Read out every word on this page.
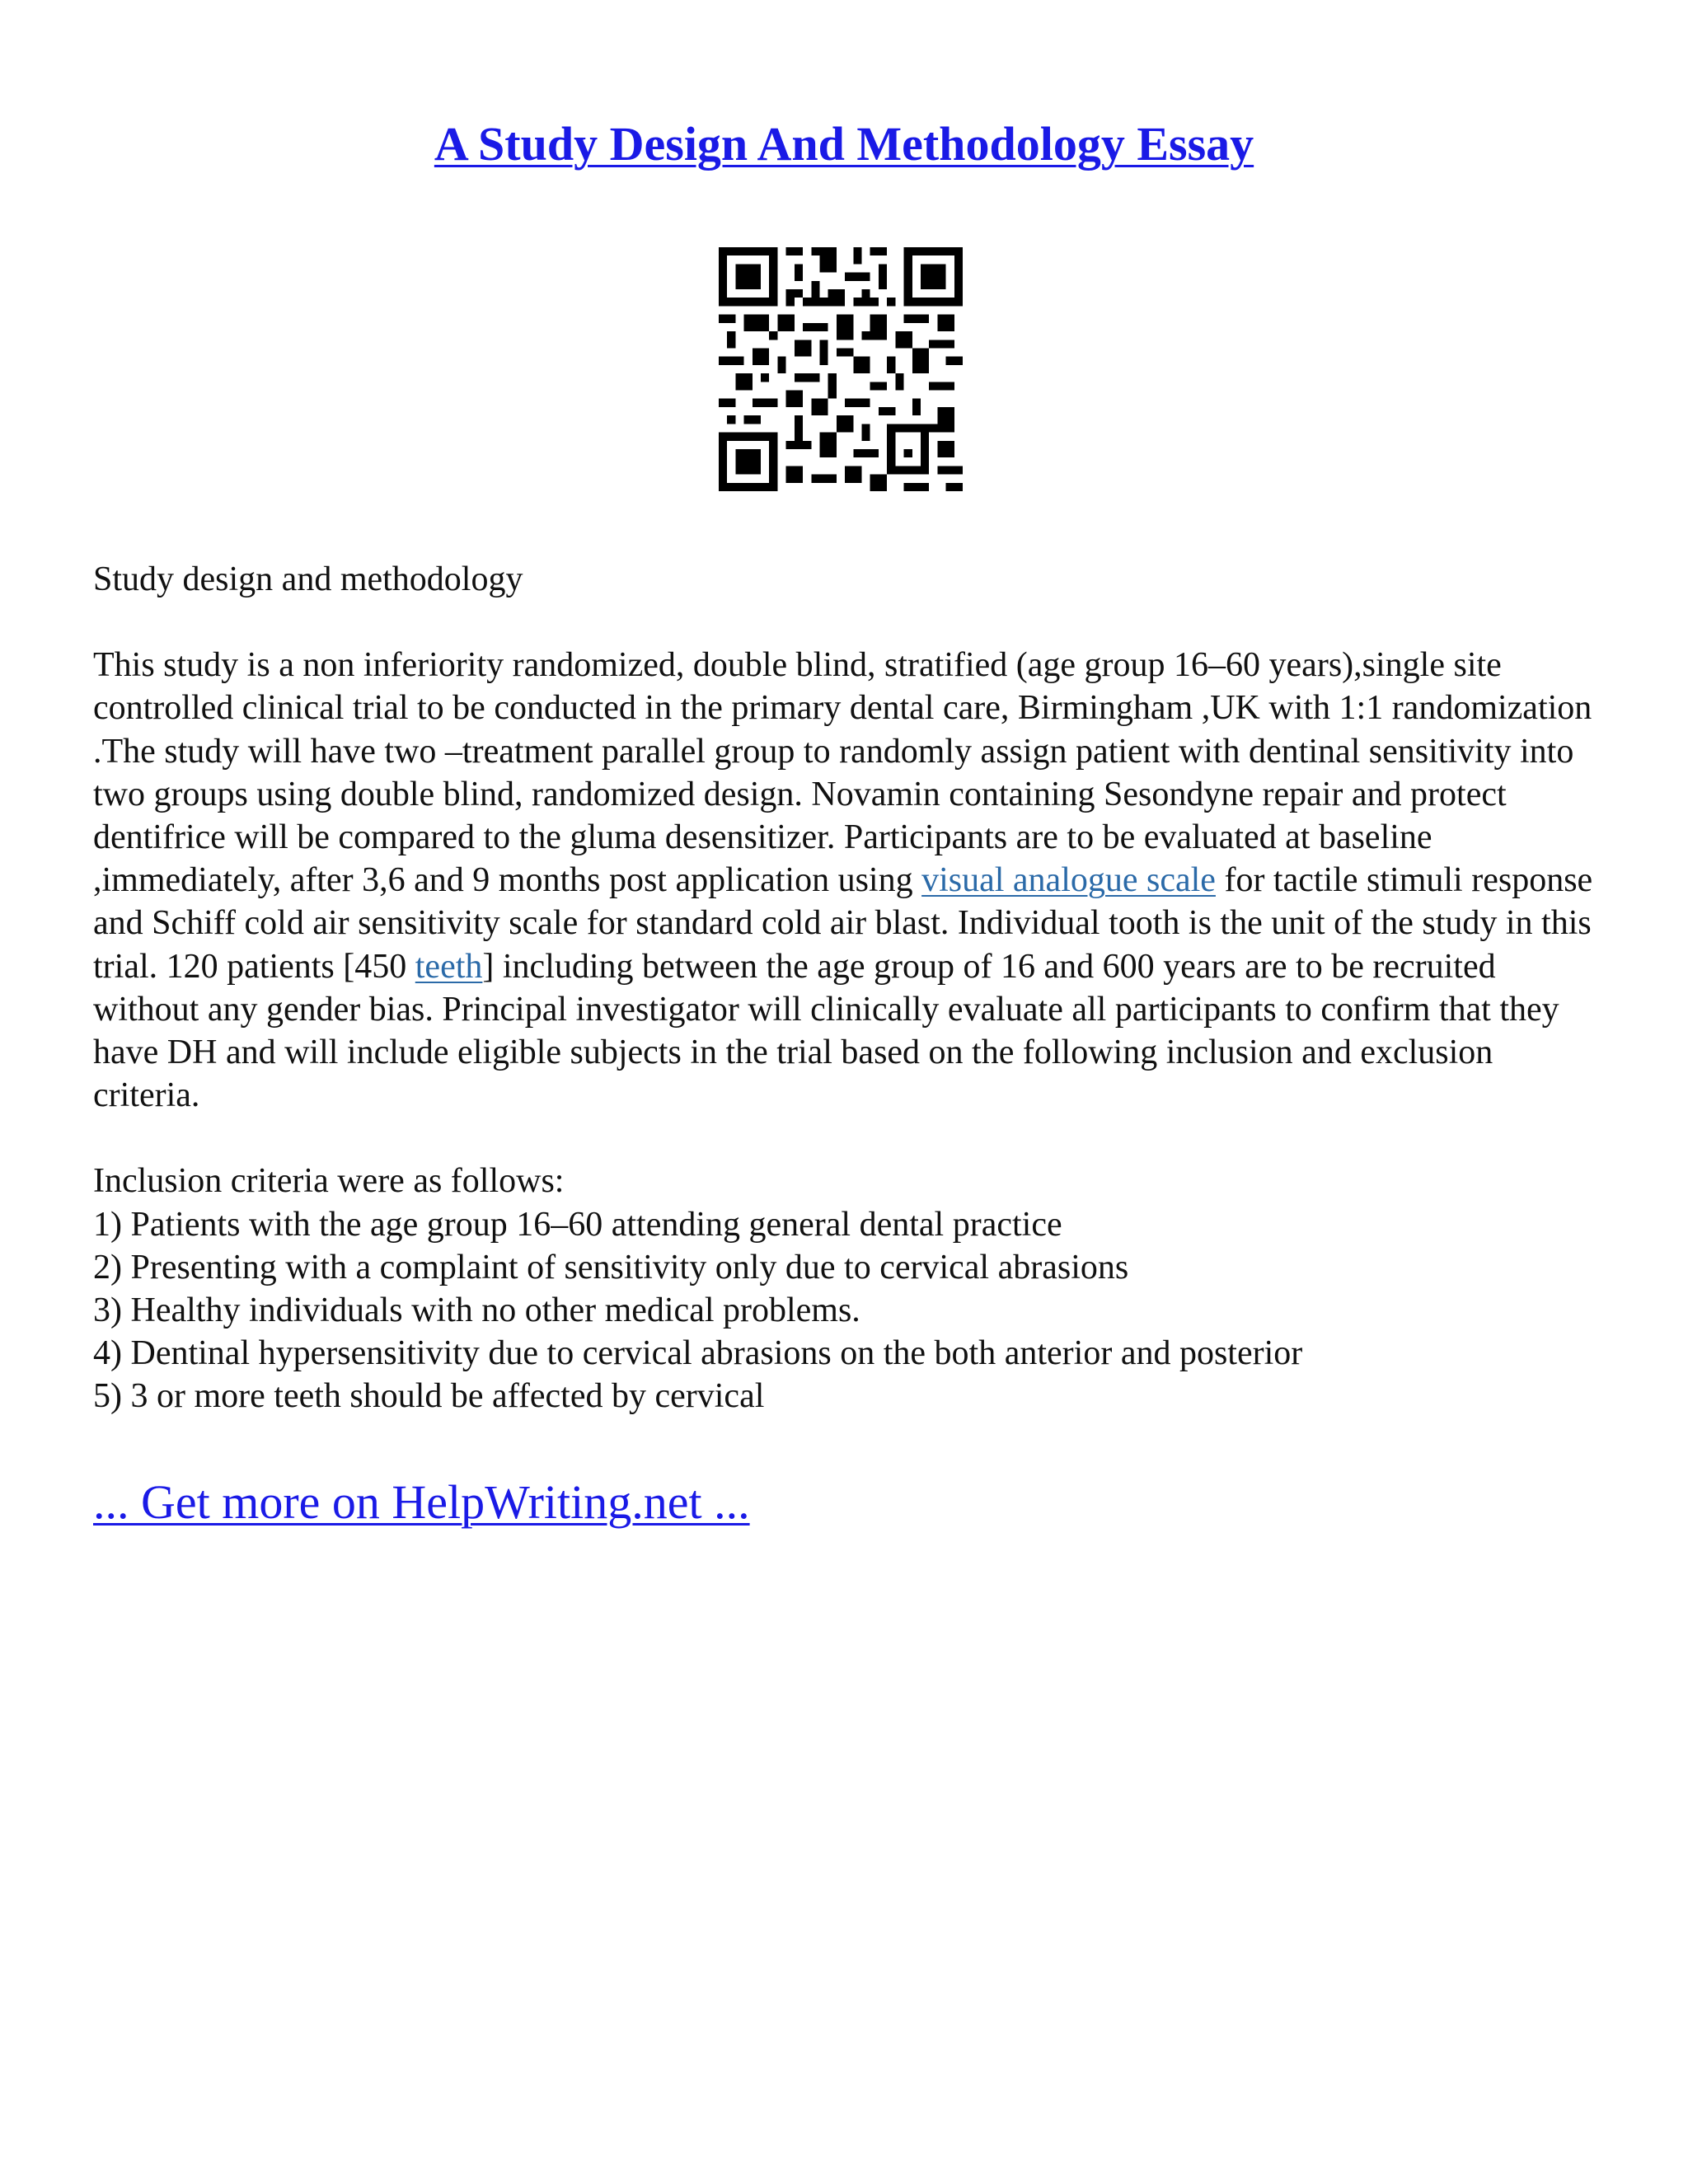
A Study Design And Methodology Essay

Study design and methodology

This study is a non inferiority randomized, double blind, stratified (age group 16–60 years),single site controlled clinical trial to be conducted in the primary dental care, Birmingham ,UK with 1:1 randomization .The study will have two –treatment parallel group to randomly assign patient with dentinal sensitivity into two groups using double blind, randomized design. Novamin containing Sesondyne repair and protect dentifrice will be compared to the gluma desensitizer. Participants are to be evaluated at baseline ,immediately, after 3,6 and 9 months post application using visual analogue scale for tactile stimuli response and Schiff cold air sensitivity scale for standard cold air blast. Individual tooth is the unit of the study in this trial. 120 patients [450 teeth] including between the age group of 16 and 600 years are to be recruited without any gender bias. Principal investigator will clinically evaluate all participants to confirm that they have DH and will include eligible subjects in the trial based on the following inclusion and exclusion criteria.

Inclusion criteria were as follows:

1) Patients with the age group 16–60 attending general dental practice

2) Presenting with a complaint of sensitivity only due to cervical abrasions

3) Healthy individuals with no other medical problems.

4) Dentinal hypersensitivity due to cervical abrasions on the both anterior and posterior

5) 3 or more teeth should be affected by cervical

... Get more on HelpWriting.net ...
